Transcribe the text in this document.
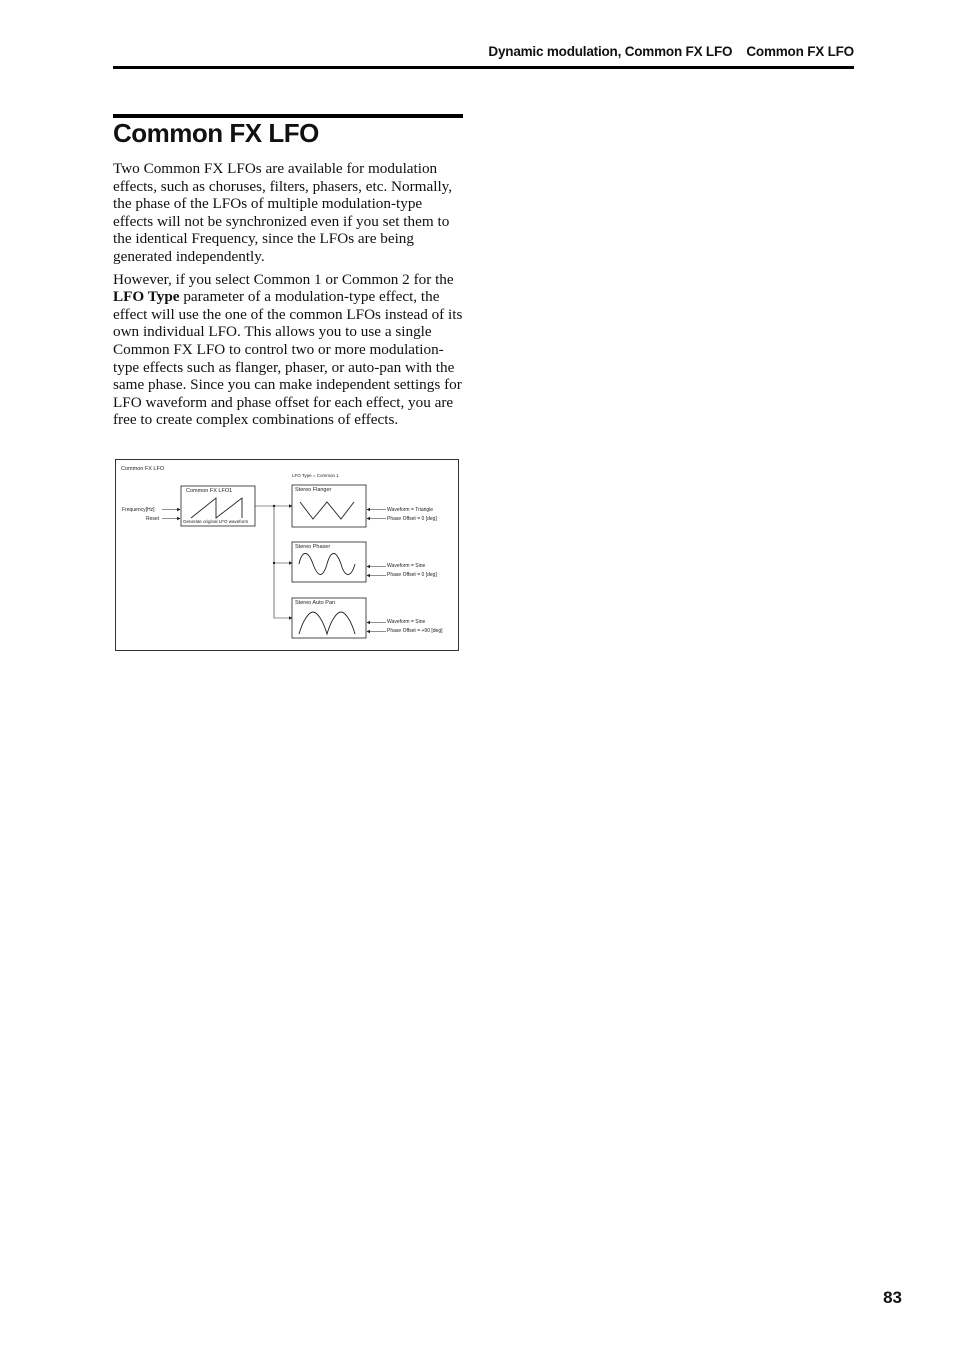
Dynamic modulation, Common FX LFO Common FX LFO
Common FX LFO

Two Common FX LFOs are available for modulation effects, such as choruses, filters, phasers, etc. Normally, the phase of the LFOs of multiple modulation-type effects will not be synchronized even if you set them to the identical Frequency, since the LFOs are being generated independently.

However, if you select Common 1 or Common 2 for the LFO Type parameter of a modulation-type effect, the effect will use the one of the common LFOs instead of its own individual LFO. This allows you to use a single Common FX LFO to control two or more modulation-type effects such as flanger, phaser, or auto-pan with the same phase. Since you can make independent settings for LFO waveform and phase offset for each effect, you are free to create complex combinations of effects.

Common FX LFO
LFO Type = Common 1
Common FX LFO1
Generate original LFO waveform
Frequency[Hz]
Reset
Stereo Flanger
Waveform = Triangle
Phase Offset = 0 [deg]
Stereo Phaser
Waveform = Sine
Phase Offset = 0 [deg]
Stereo Auto Pan
Waveform = Sine
Phase Offset = +90 [deg]
83
